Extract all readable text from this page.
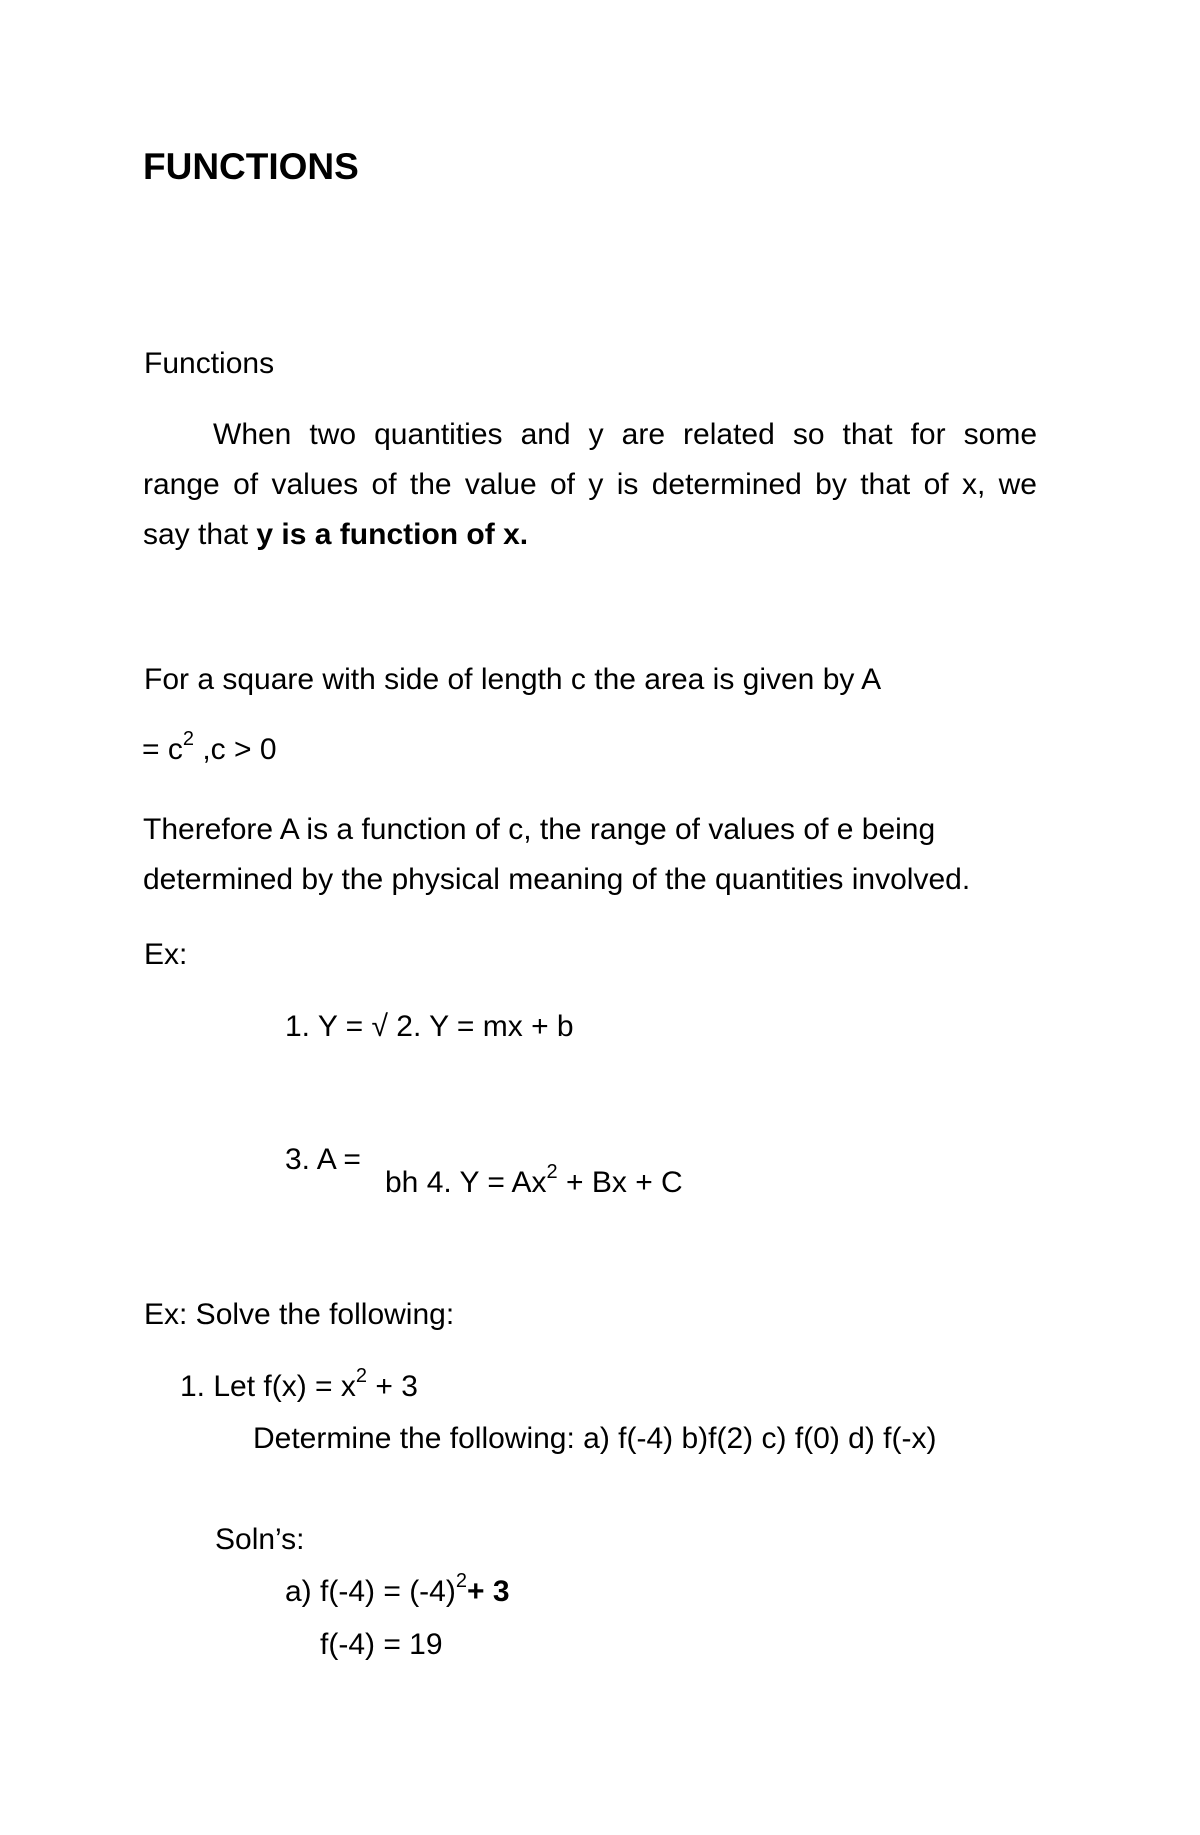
FUNCTIONS
Functions
When two quantities and y are related so that for some
range of values of the value of y is determined by that of x, we
say that y is a function of x.
For a square with side of length c the area is given by A
= $c^2$ ,c > 0
Therefore A is a function of c, the range of values of e being
determined by the physical meaning of the quantities involved.
Ex:
1. Y = √ 2. Y = mx + b
3. A =
bh 4. $Y = Ax^2 + Bx + C$
Ex: Solve the following:
1. Let $f(x) = x^2 + 3$
Determine the following: a) f(-4) b)f(2) c) f(0) d) f(-x)
Soln’s:
a) $f(-4) = (-4)^2+ 3$
f(-4) = 19
